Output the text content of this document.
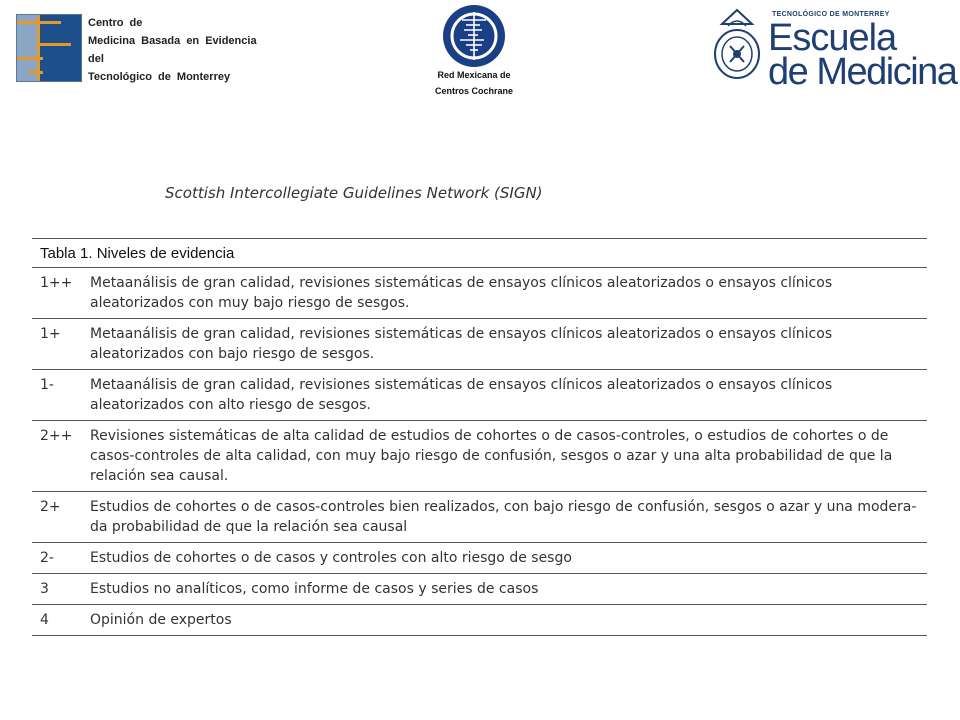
Centro de
Medicina Basada en Evidencia
del
Tecnológico de Monterrey	Red Mexicana de
Centros Cochrane
TECNOLÓGICO DE MONTERREY
Escuela
de Medicina
Scottish Intercollegiate Guidelines Network (SIGN)
Tabla 1. Niveles de evidencia
1++	Metaanálisis de gran calidad, revisiones sistemáticas de ensayos clínicos aleatorizados o ensayos clínicos aleatorizados con muy bajo riesgo de sesgos.
1+	Metaanálisis de gran calidad, revisiones sistemáticas de ensayos clínicos aleatorizados o ensayos clínicos aleatorizados con bajo riesgo de sesgos.
1-	Metaanálisis de gran calidad, revisiones sistemáticas de ensayos clínicos aleatorizados o ensayos clínicos aleatorizados con alto riesgo de sesgos.
2++	Revisiones sistemáticas de alta calidad de estudios de cohortes o de casos-controles, o estudios de cohortes o de casos-controles de alta calidad, con muy bajo riesgo de confusión, sesgos o azar y una alta probabilidad de que la relación sea causal.
2+	Estudios de cohortes o de casos-controles bien realizados, con bajo riesgo de confusión, sesgos o azar y una modera-da probabilidad de que la relación sea causal
2-	Estudios de cohortes o de casos y controles con alto riesgo de sesgo
3	Estudios no analíticos, como informe de casos y series de casos
4	Opinión de expertos
